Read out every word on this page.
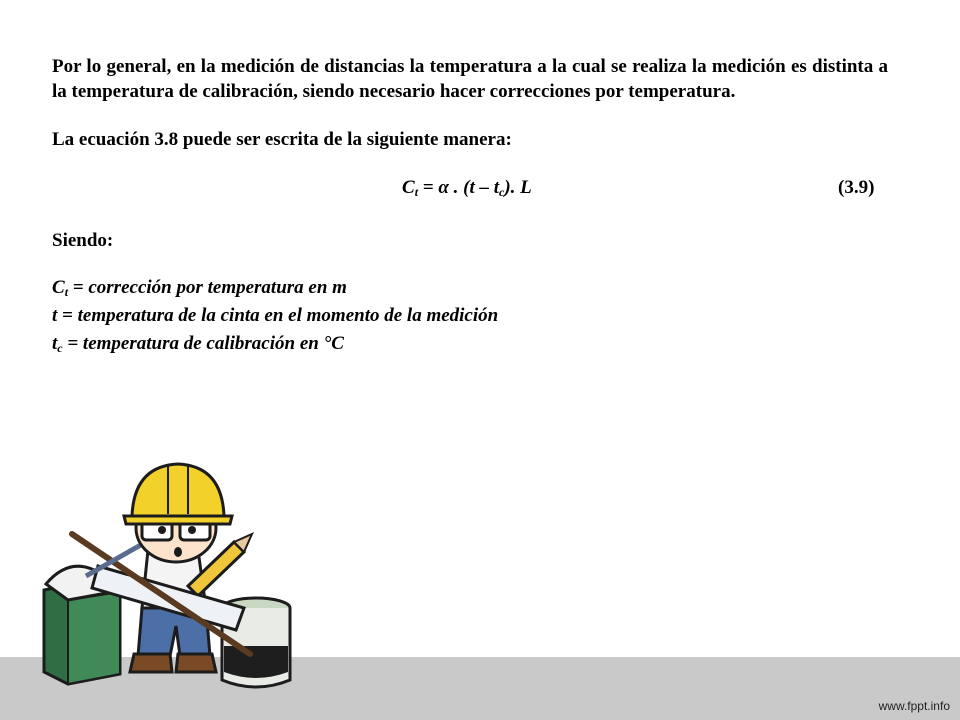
Por lo general, en la medición de distancias la temperatura a la cual se realiza la medición es distinta a la temperatura de calibración, siendo necesario hacer correcciones por temperatura.
La ecuación 3.8 puede ser escrita de la siguiente manera:
$C_t = \alpha$ . $(t - t_c)$. L	(3.9)
Siendo:
$C_t$ = corrección por temperatura en m
t = temperatura de la cinta en el momento de la medición
$t_c$ = temperatura de calibración en °C
www.fppt.info
